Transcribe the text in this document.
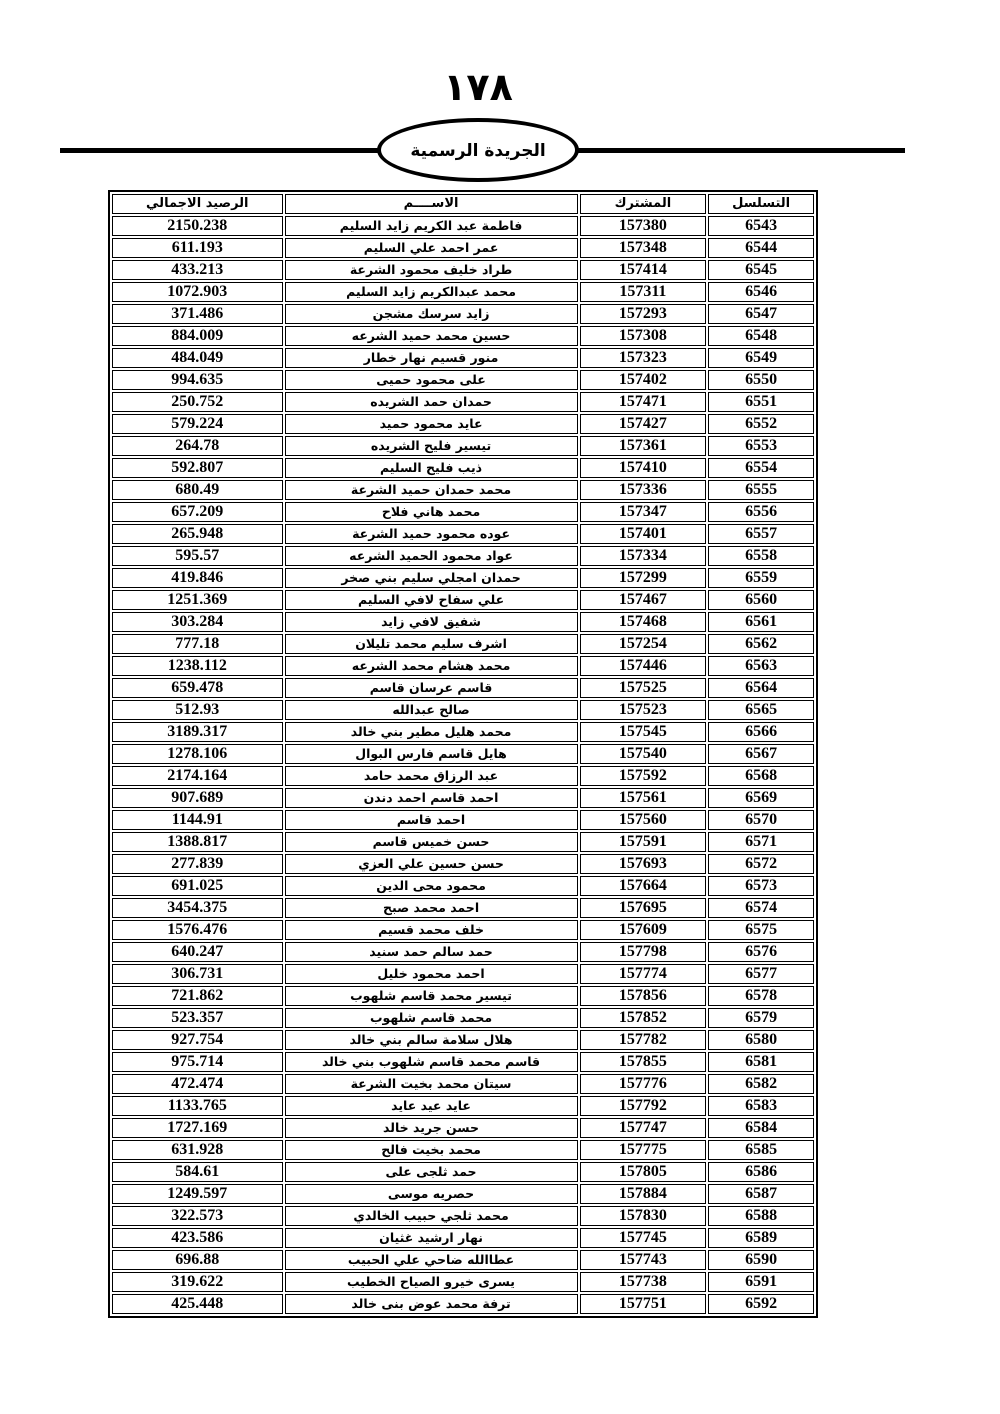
١٧٨
الجريدة الرسمية
التسلسل	المشترك	الاســــم	الرصيد الاجمالي
6543	157380	فاطمة عبد الكريم زايد السليم	2150.238
6544	157348	عمر احمد علي السليم	611.193
6545	157414	طراد خليف محمود الشرعة	433.213
6546	157311	محمد عبدالكريم زايد السليم	1072.903
6547	157293	زايد سرسك مشجن	371.486
6548	157308	حسين محمد حميد الشرعه	884.009
6549	157323	منور قسيم نهار خطار	484.049
6550	157402	على محمود حميى	994.635
6551	157471	حمدان حمد الشريده	250.752
6552	157427	عايد محمود حميد	579.224
6553	157361	تيسير فليح الشريده	264.78
6554	157410	ذيب فليح السليم	592.807
6555	157336	محمد حمدان حميد الشرعة	680.49
6556	157347	محمد هاني فلاح	657.209
6557	157401	عوده محمود حميد الشرعة	265.948
6558	157334	عواد محمود الحميد الشرعه	595.57
6559	157299	حمدان امجلي سليم بني صخر	419.846
6560	157467	علي سفاح لافي السليم	1251.369
6561	157468	شفيق لافي زايد	303.284
6562	157254	اشرف سليم محمد تليلان	777.18
6563	157446	محمد هشام محمد الشرعه	1238.112
6564	157525	قاسم عرسان قاسم	659.478
6565	157523	صالح عبدالله	512.93
6566	157545	محمد هليل مطير بني خالد	3189.317
6567	157540	هايل قاسم فارس البوال	1278.106
6568	157592	عبد الرزاق محمد حامد	2174.164
6569	157561	احمد قاسم احمد دندن	907.689
6570	157560	احمد قاسم	1144.91
6571	157591	حسن خميس قاسم	1388.817
6572	157693	حسن حسين علي العزي	277.839
6573	157664	محمود محى الدين	691.025
6574	157695	احمد محمد صبح	3454.375
6575	157609	خلف محمد قسيم	1576.476
6576	157798	حمد سالم حمد سنيد	640.247
6577	157774	احمد محمود خليل	306.731
6578	157856	تيسير محمد قاسم شلهوب	721.862
6579	157852	محمد قاسم شلهوب	523.357
6580	157782	هلال سلامة سالم بني خالد	927.754
6581	157855	قاسم محمد قاسم شلهوب بني خالد	975.714
6582	157776	سيتان محمد بخيت الشرعة	472.474
6583	157792	عايد عيد عايد	1133.765
6584	157747	حسن جريد خالد	1727.169
6585	157775	محمد بخيت فالح	631.928
6586	157805	حمد ثلجى على	584.61
6587	157884	حصريه موسى	1249.597
6588	157830	محمد ثلجي حبيب الخالدي	322.573
6589	157745	نهار ارشيد غثيان	423.586
6590	157743	عطاالله ضاحي علي الحبيب	696.88
6591	157738	يسرى خيرو الصياح الخطيب	319.622
6592	157751	ترفة محمد عوض بنى خالد	425.448
